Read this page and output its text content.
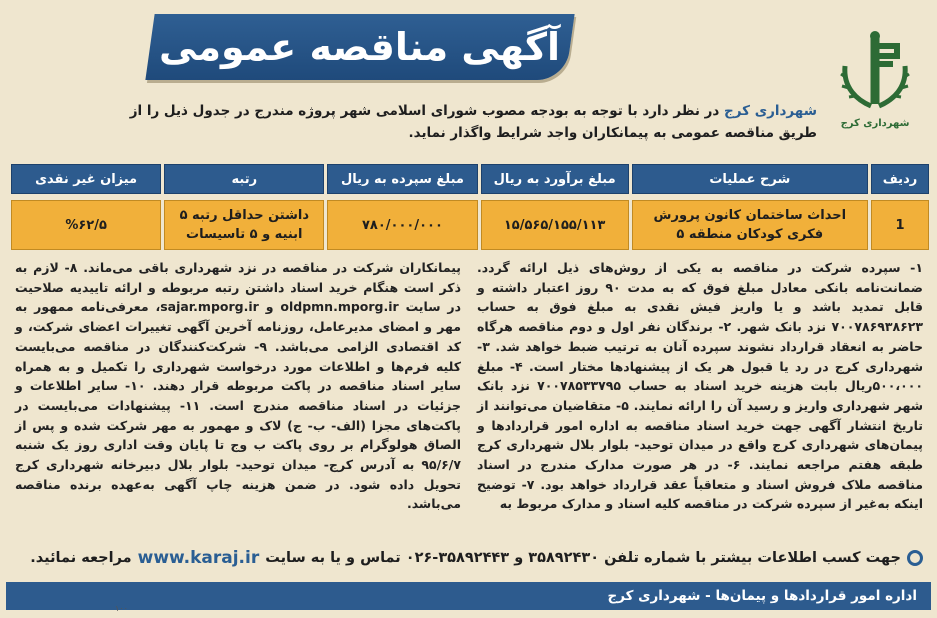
آگهی مناقصه عمومی
شهرداری کرج
شهرداری کرج در نظر دارد با توجه به بودجه مصوب شورای اسلامی شهر پروژه مندرج در جدول ذیل را از طریق مناقصه عمومی به پیمانکاران واجد شرایط واگذار نماید.
ردیف	شرح عملیات	مبلغ برآورد به ریال	مبلغ سپرده به ریال	رتبه	میزان غیر نقدی

1	احداث ساختمان کانون پرورش فکری کودکان منطقه ۵	۱۵/۵۶۵/۱۵۵/۱۱۳	۷۸۰/۰۰۰/۰۰۰	داشتن حداقل رتبه ۵ ابنیه و ۵ تاسیسات	%۶۲/۵

۱- سپرده شرکت در مناقصه به یکی از روش‌های ذیل ارائه گردد. ضمانت‌نامه بانکی معادل مبلغ فوق که به مدت ۹۰ روز اعتبار داشته و قابل تمدید باشد و یا واریز فیش نقدی به مبلغ فوق به حساب ۷۰۰۷۸۶۹۳۸۶۲۳ نزد بانک شهر. ۲- برندگان نفر اول و دوم مناقصه هرگاه حاضر به انعقاد قرارداد نشوند سپرده آنان به ترتیب ضبط خواهد شد. ۳- شهرداری کرج در رد یا قبول هر یک از پیشنهادها مختار است. ۴- مبلغ ۵۰۰،۰۰۰ریال بابت هزینه خرید اسناد به حساب ۷۰۰۷۸۵۳۳۷۹۵ نزد بانک شهر شهرداری واریز و رسید آن را ارائه نمایند. ۵- متقاضیان می‌توانند از تاریخ انتشار آگهی جهت خرید اسناد مناقصه به اداره امور قراردادها و پیمان‌های شهرداری کرج واقع در میدان توحید- بلوار بلال شهرداری کرج طبقه هفتم مراجعه نمایند. ۶- در هر صورت مدارک مندرج در اسناد مناقصه ملاک فروش اسناد و متعاقباً عقد قرارداد خواهد بود. ۷- توضیح اینکه به‌غیر از سپرده شرکت در مناقصه کلیه اسناد و مدارک مربوط به

پیمانکاران شرکت در مناقصه در نزد شهرداری باقی می‌ماند. ۸- لازم به ذکر است هنگام خرید اسناد داشتن رتبه مربوطه و ارائه تاییدیه صلاحیت در سایت oldpmn.mporg.ir و sajar.mporg.ir، معرفی‌نامه ممهور به مهر و امضای مدیرعامل، روزنامه آخرین آگهی تغییرات اعضای شرکت، و کد اقتصادی الزامی می‌باشد. ۹- شرکت‌کنندگان در مناقصه می‌بایست کلیه فرم‌ها و اطلاعات مورد درخواست شهرداری را تکمیل و به همراه سایر اسناد مناقصه در پاکت مربوطه قرار دهند. ۱۰- سایر اطلاعات و جزئیات در اسناد مناقصه مندرج است. ۱۱- پیشنهادات می‌بایست در پاکت‌های مجزا (الف- ب- ج) لاک و مهمور به مهر شرکت شده و پس از الصاق هولوگرام بر روی پاکت ب وج تا پایان وقت اداری روز یک شنبه ۹۵/۶/۷ به آدرس کرج- میدان توحید- بلوار بلال دبیرخانه شهرداری کرج تحویل داده شود. در ضمن هزینه چاپ آگهی به‌عهده برنده مناقصه می‌باشد.

جهت کسب اطلاعات بیشتر با شماره تلفن ۳۵۸۹۲۴۳۰ و ۳۵۸۹۲۴۴۳-۰۲۶ تماس و یا به سایت
www.karaj.ir
مراجعه نمائید.
اداره امور قراردادها و پیمان‌ها - شهرداری کرج
۱۰۰
